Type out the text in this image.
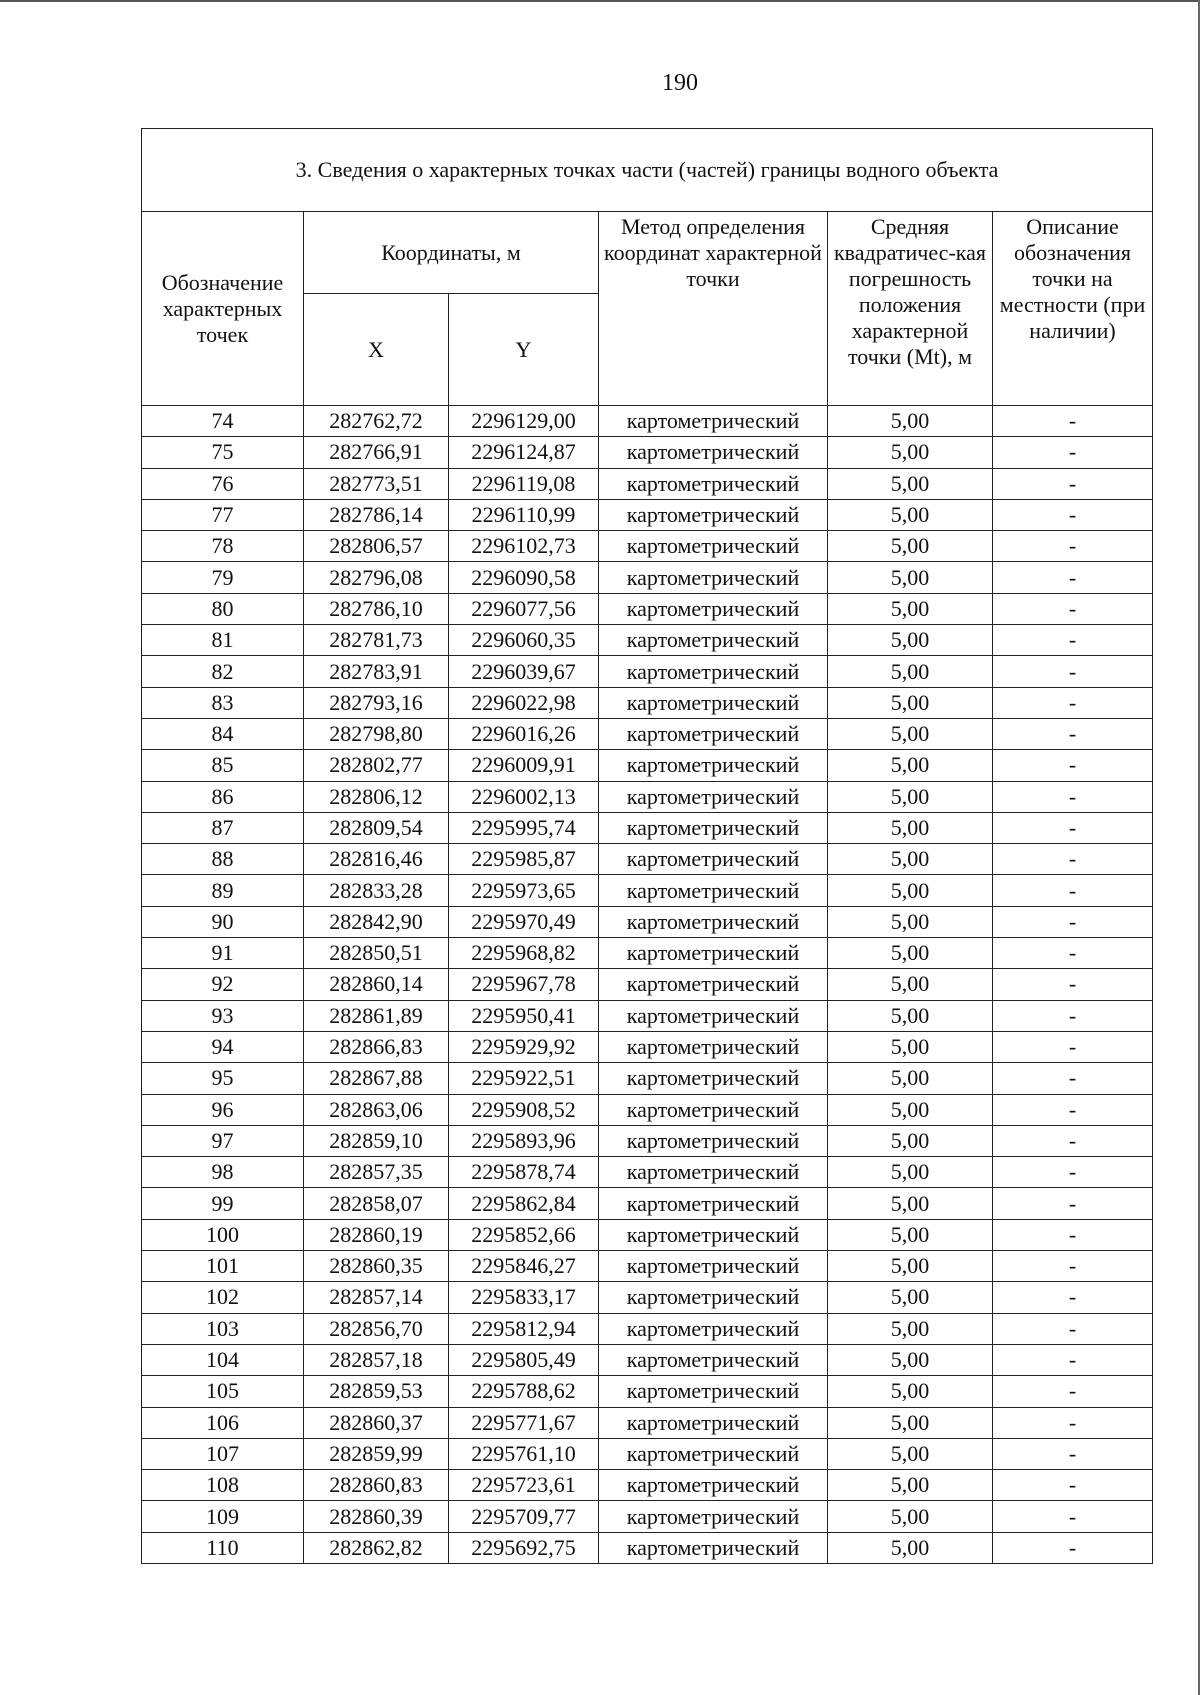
190
3. Сведения о характерных точках части (частей) границы водного объекта					
Обозначение характерных точек	Координаты, м		Метод определения координат характерной точки	Средняя квадратичес-кая погрешность положения характерной точки (Mt), м	Описание обозначения точки на местности (при наличии)
	X	Y			
74	282762,72	2296129,00	картометрический	5,00	-
75	282766,91	2296124,87	картометрический	5,00	-
76	282773,51	2296119,08	картометрический	5,00	-
77	282786,14	2296110,99	картометрический	5,00	-
78	282806,57	2296102,73	картометрический	5,00	-
79	282796,08	2296090,58	картометрический	5,00	-
80	282786,10	2296077,56	картометрический	5,00	-
81	282781,73	2296060,35	картометрический	5,00	-
82	282783,91	2296039,67	картометрический	5,00	-
83	282793,16	2296022,98	картометрический	5,00	-
84	282798,80	2296016,26	картометрический	5,00	-
85	282802,77	2296009,91	картометрический	5,00	-
86	282806,12	2296002,13	картометрический	5,00	-
87	282809,54	2295995,74	картометрический	5,00	-
88	282816,46	2295985,87	картометрический	5,00	-
89	282833,28	2295973,65	картометрический	5,00	-
90	282842,90	2295970,49	картометрический	5,00	-
91	282850,51	2295968,82	картометрический	5,00	-
92	282860,14	2295967,78	картометрический	5,00	-
93	282861,89	2295950,41	картометрический	5,00	-
94	282866,83	2295929,92	картометрический	5,00	-
95	282867,88	2295922,51	картометрический	5,00	-
96	282863,06	2295908,52	картометрический	5,00	-
97	282859,10	2295893,96	картометрический	5,00	-
98	282857,35	2295878,74	картометрический	5,00	-
99	282858,07	2295862,84	картометрический	5,00	-
100	282860,19	2295852,66	картометрический	5,00	-
101	282860,35	2295846,27	картометрический	5,00	-
102	282857,14	2295833,17	картометрический	5,00	-
103	282856,70	2295812,94	картометрический	5,00	-
104	282857,18	2295805,49	картометрический	5,00	-
105	282859,53	2295788,62	картометрический	5,00	-
106	282860,37	2295771,67	картометрический	5,00	-
107	282859,99	2295761,10	картометрический	5,00	-
108	282860,83	2295723,61	картометрический	5,00	-
109	282860,39	2295709,77	картометрический	5,00	-
110	282862,82	2295692,75	картометрический	5,00	-
